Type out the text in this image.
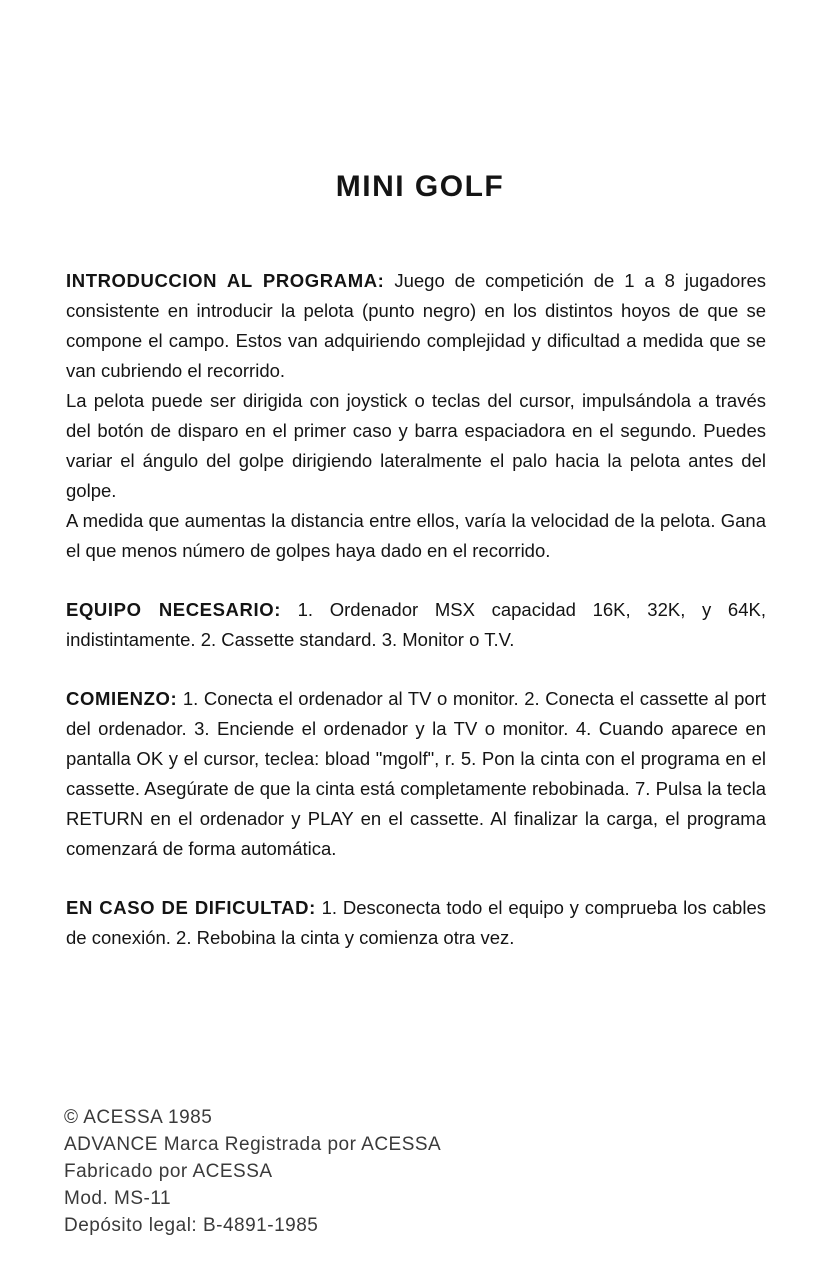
MINI GOLF

INTRODUCCION AL PROGRAMA: Juego de competición de 1 a 8 jugadores consistente en introducir la pelota (punto negro) en los distintos hoyos de que se compone el campo. Estos van adquiriendo complejidad y dificultad a medida que se van cubriendo el recorrido.

La pelota puede ser dirigida con joystick o teclas del cursor, impulsándola a través del botón de disparo en el primer caso y barra espaciadora en el segundo. Puedes variar el ángulo del golpe dirigiendo lateralmente el palo hacia la pelota antes del golpe.

A medida que aumentas la distancia entre ellos, varía la velocidad de la pelota. Gana el que menos número de golpes haya dado en el recorrido.

EQUIPO NECESARIO: 1. Ordenador MSX capacidad 16K, 32K, y 64K, indistintamente. 2. Cassette standard. 3. Monitor o T.V.

COMIENZO: 1. Conecta el ordenador al TV o monitor. 2. Conecta el cassette al port del ordenador. 3. Enciende el ordenador y la TV o monitor. 4. Cuando aparece en pantalla OK y el cursor, teclea: bload "mgolf", r. 5. Pon la cinta con el programa en el cassette. Asegúrate de que la cinta está completamente rebobinada. 7. Pulsa la tecla RETURN en el ordenador y PLAY en el cassette. Al finalizar la carga, el programa comenzará de forma automática.

EN CASO DE DIFICULTAD: 1. Desconecta todo el equipo y comprueba los cables de conexión. 2. Rebobina la cinta y comienza otra vez.

© ACESSA 1985

ADVANCE Marca Registrada por ACESSA

Fabricado por ACESSA

Mod. MS-11

Depósito legal: B-4891-1985
